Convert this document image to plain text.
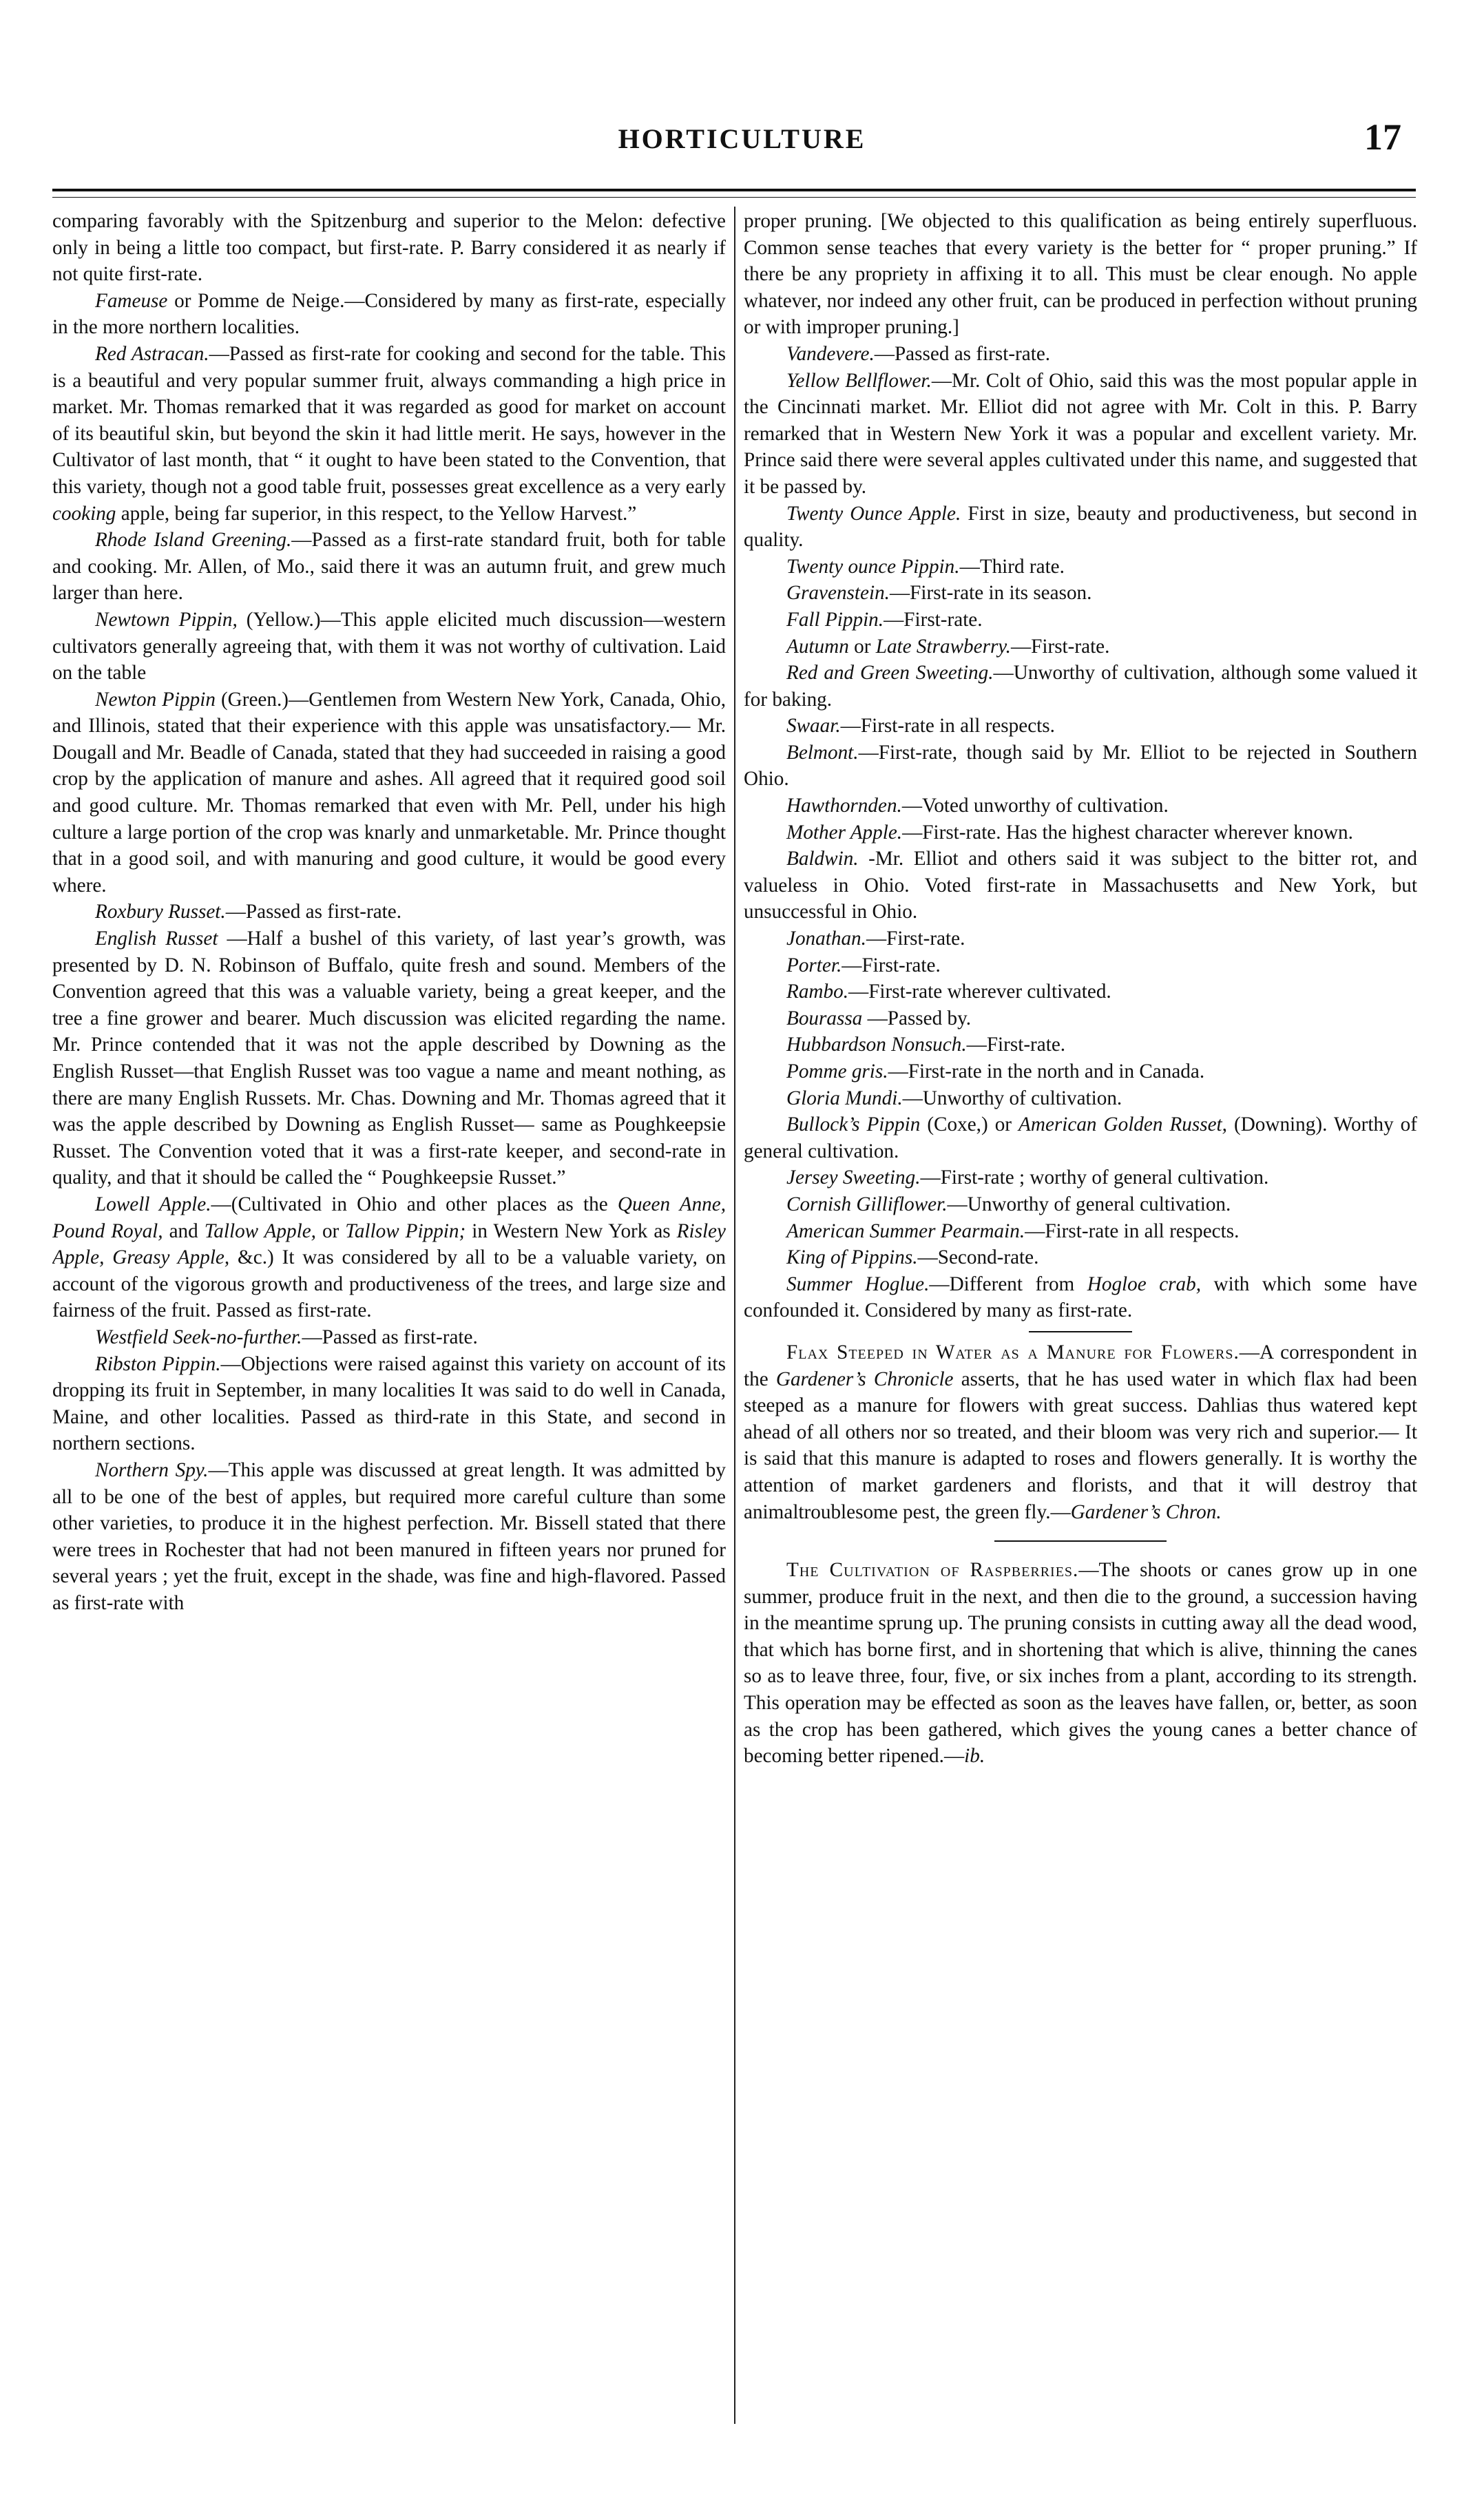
HORTICULTURE	17

comparing favorably with the Spitzenburg and superior to the Melon: defective only in being a little too compact, but first-rate. P. Barry considered it as nearly if not quite first-rate.

Fameuse or Pomme de Neige.—Considered by many as first-rate, especially in the more northern localities.

Red Astracan.—Passed as first-rate for cooking and second for the table. This is a beautiful and very popular summer fruit, always commanding a high price in market. Mr. Thomas remarked that it was regarded as good for market on account of its beautiful skin, but beyond the skin it had little merit. He says, however in the Cultivator of last month, that “ it ought to have been stated to the Convention, that this variety, though not a good table fruit, possesses great excellence as a very early cooking apple, being far superior, in this respect, to the Yellow Harvest.”

Rhode Island Greening.—Passed as a first-rate standard fruit, both for table and cooking. Mr. Allen, of Mo., said there it was an autumn fruit, and grew much larger than here.

Newtown Pippin, (Yellow.)—This apple elicited much discussion—western cultivators generally agreeing that, with them it was not worthy of cultivation. Laid on the table

Newton Pippin (Green.)—Gentlemen from Western New York, Canada, Ohio, and Illinois, stated that their experience with this apple was unsatisfactory.— Mr. Dougall and Mr. Beadle of Canada, stated that they had succeeded in raising a good crop by the application of manure and ashes. All agreed that it required good soil and good culture. Mr. Thomas remarked that even with Mr. Pell, under his high culture a large portion of the crop was knarly and unmarketable. Mr. Prince thought that in a good soil, and with manuring and good culture, it would be good every where.

Roxbury Russet.—Passed as first-rate.

English Russet —Half a bushel of this variety, of last year’s growth, was presented by D. N. Robinson of Buffalo, quite fresh and sound. Members of the Convention agreed that this was a valuable variety, being a great keeper, and the tree a fine grower and bearer. Much discussion was elicited regarding the name. Mr. Prince contended that it was not the apple described by Downing as the English Russet—that English Russet was too vague a name and meant nothing, as there are many English Russets. Mr. Chas. Downing and Mr. Thomas agreed that it was the apple described by Downing as English Russet— same as Poughkeepsie Russet. The Convention voted that it was a first-rate keeper, and second-rate in quality, and that it should be called the “ Poughkeepsie Russet.”

Lowell Apple.—(Cultivated in Ohio and other places as the Queen Anne, Pound Royal, and Tallow Apple, or Tallow Pippin; in Western New York as Risley Apple, Greasy Apple, &c.) It was considered by all to be a valuable variety, on account of the vigorous growth and productiveness of the trees, and large size and fairness of the fruit. Passed as first-rate.

Westfield Seek-no-further.—Passed as first-rate.

Ribston Pippin.—Objections were raised against this variety on account of its dropping its fruit in September, in many localities It was said to do well in Canada, Maine, and other localities. Passed as third-rate in this State, and second in northern sections.

Northern Spy.—This apple was discussed at great length. It was admitted by all to be one of the best of apples, but required more careful culture than some other varieties, to produce it in the highest perfection. Mr. Bissell stated that there were trees in Rochester that had not been manured in fifteen years nor pruned for several years ; yet the fruit, except in the shade, was fine and high-flavored. Passed as first-rate with

proper pruning. [We objected to this qualification as being entirely superfluous. Common sense teaches that every variety is the better for “ proper pruning.” If there be any propriety in affixing it to all. This must be clear enough. No apple whatever, nor indeed any other fruit, can be produced in perfection without pruning or with improper pruning.]

Vandevere.—Passed as first-rate.

Yellow Bellflower.—Mr. Colt of Ohio, said this was the most popular apple in the Cincinnati market. Mr. Elliot did not agree with Mr. Colt in this. P. Barry remarked that in Western New York it was a popular and excellent variety. Mr. Prince said there were several apples cultivated under this name, and suggested that it be passed by.

Twenty Ounce Apple. First in size, beauty and productiveness, but second in quality.

Twenty ounce Pippin.—Third rate.

Gravenstein.—First-rate in its season.

Fall Pippin.—First-rate.

Autumn or Late Strawberry.—First-rate.

Red and Green Sweeting.—Unworthy of cultivation, although some valued it for baking.

Swaar.—First-rate in all respects.

Belmont.—First-rate, though said by Mr. Elliot to be rejected in Southern Ohio.

Hawthornden.—Voted unworthy of cultivation.

Mother Apple.—First-rate. Has the highest character wherever known.

Baldwin. -Mr. Elliot and others said it was subject to the bitter rot, and valueless in Ohio. Voted first-rate in Massachusetts and New York, but unsuccessful in Ohio.

Jonathan.—First-rate.

Porter.—First-rate.

Rambo.—First-rate wherever cultivated.

Bourassa —Passed by.

Hubbardson Nonsuch.—First-rate.

Pomme gris.—First-rate in the north and in Canada.

Gloria Mundi.—Unworthy of cultivation.

Bullock’s Pippin (Coxe,) or American Golden Russet, (Downing). Worthy of general cultivation.

Jersey Sweeting.—First-rate ; worthy of general cultivation.

Cornish Gilliflower.—Unworthy of general cultivation.

American Summer Pearmain.—First-rate in all respects.

King of Pippins.—Second-rate.

Summer Hoglue.—Different from Hogloe crab, with which some have confounded it. Considered by many as first-rate.

Flax Steeped in Water as a Manure for Flowers.—A correspondent in the Gardener’s Chronicle asserts, that he has used water in which flax had been steeped as a manure for flowers with great success. Dahlias thus watered kept ahead of all others nor so treated, and their bloom was very rich and superior.— It is said that this manure is adapted to roses and flowers generally. It is worthy the attention of market gardeners and florists, and that it will destroy that animaltroublesome pest, the green fly.—Gardener’s Chron.

The Cultivation of Raspberries.—The shoots or canes grow up in one summer, produce fruit in the next, and then die to the ground, a succession having in the meantime sprung up. The pruning consists in cutting away all the dead wood, that which has borne first, and in shortening that which is alive, thinning the canes so as to leave three, four, five, or six inches from a plant, according to its strength. This operation may be effected as soon as the leaves have fallen, or, better, as soon as the crop has been gathered, which gives the young canes a better chance of becoming better ripened.—ib.
